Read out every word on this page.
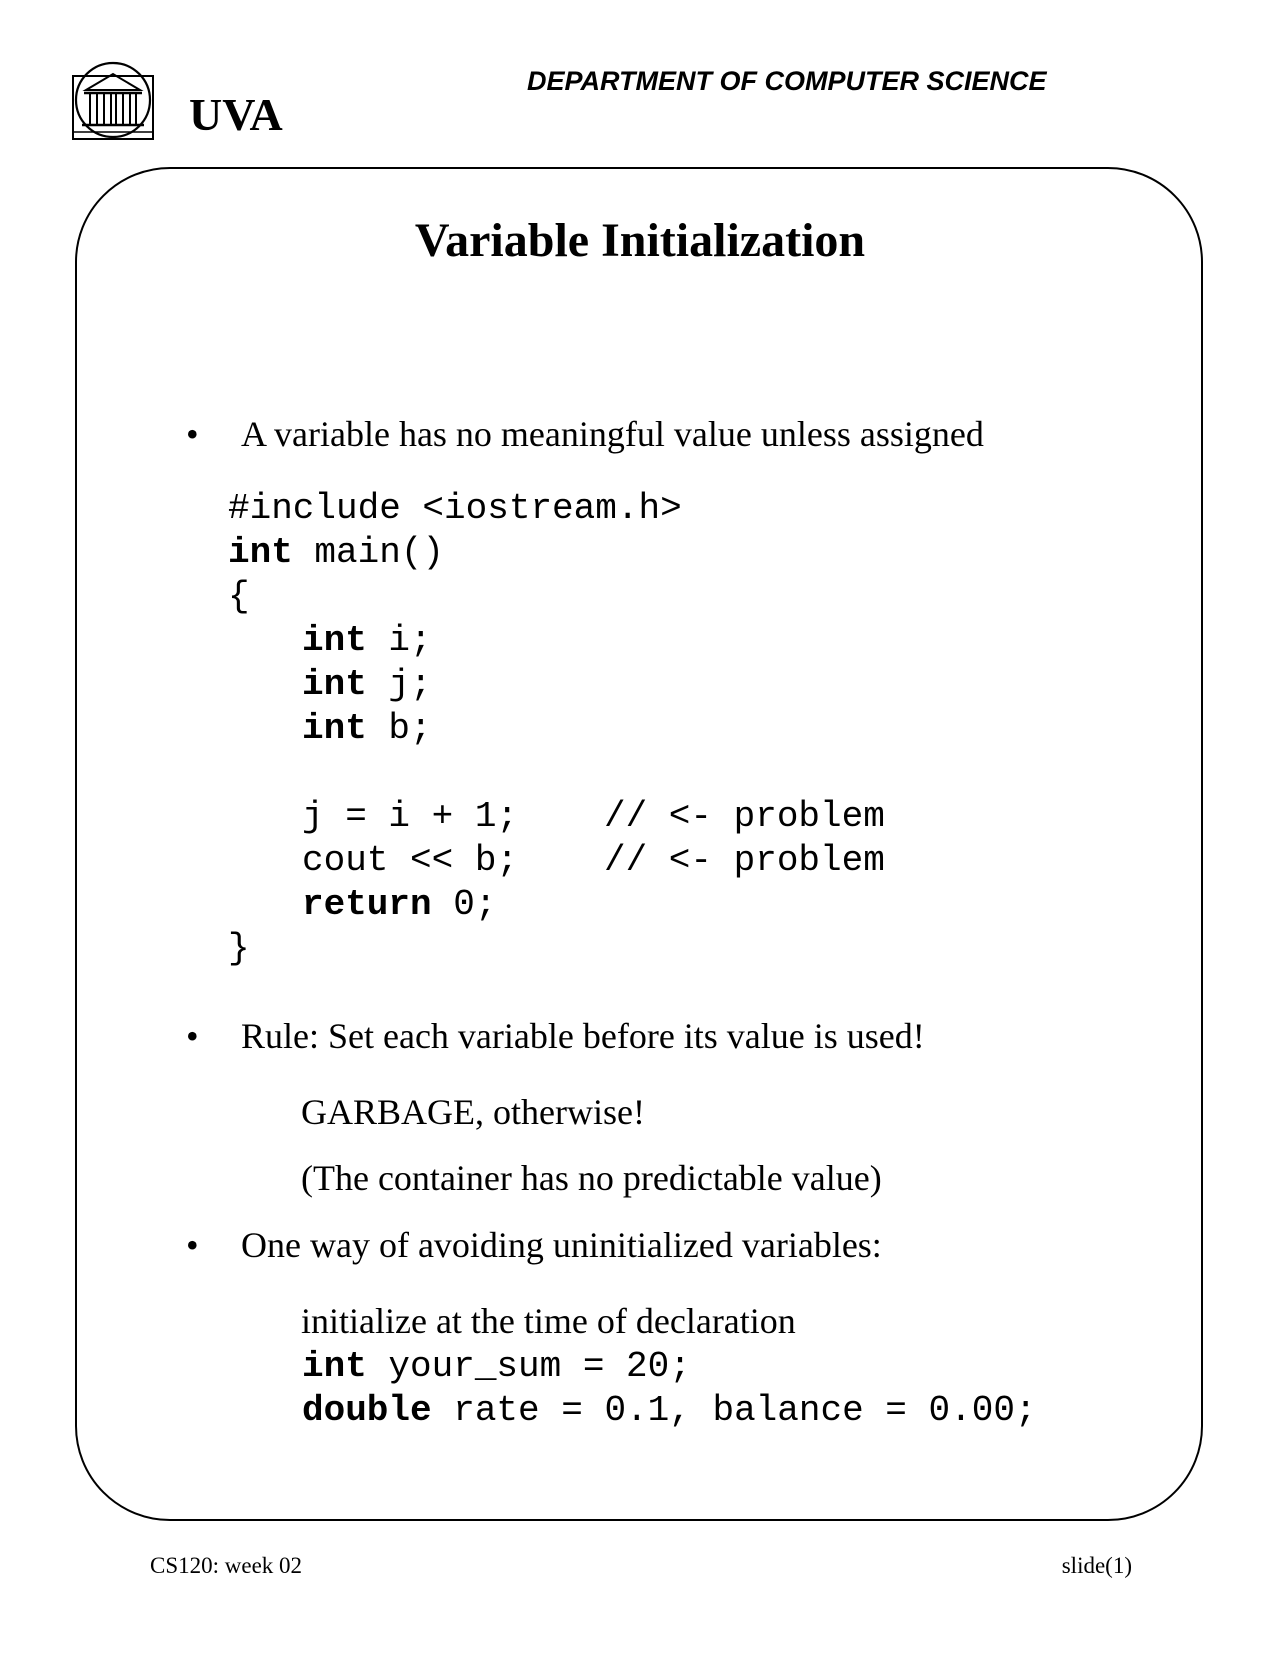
UVA
DEPARTMENT OF COMPUTER SCIENCE
Variable Initialization
• A variable has no meaningful value unless assigned
#include <iostream.h>
int main()
{
int i;
int j;
int b;
j = i + 1; // <- problem
cout << b; // <- problem
return 0;
}
• Rule: Set each variable before its value is used!
GARBAGE, otherwise!
(The container has no predictable value)
• One way of avoiding uninitialized variables:
initialize at the time of declaration
int your_sum = 20;
double rate = 0.1, balance = 0.00;
CS120: week 02	slide(1)
